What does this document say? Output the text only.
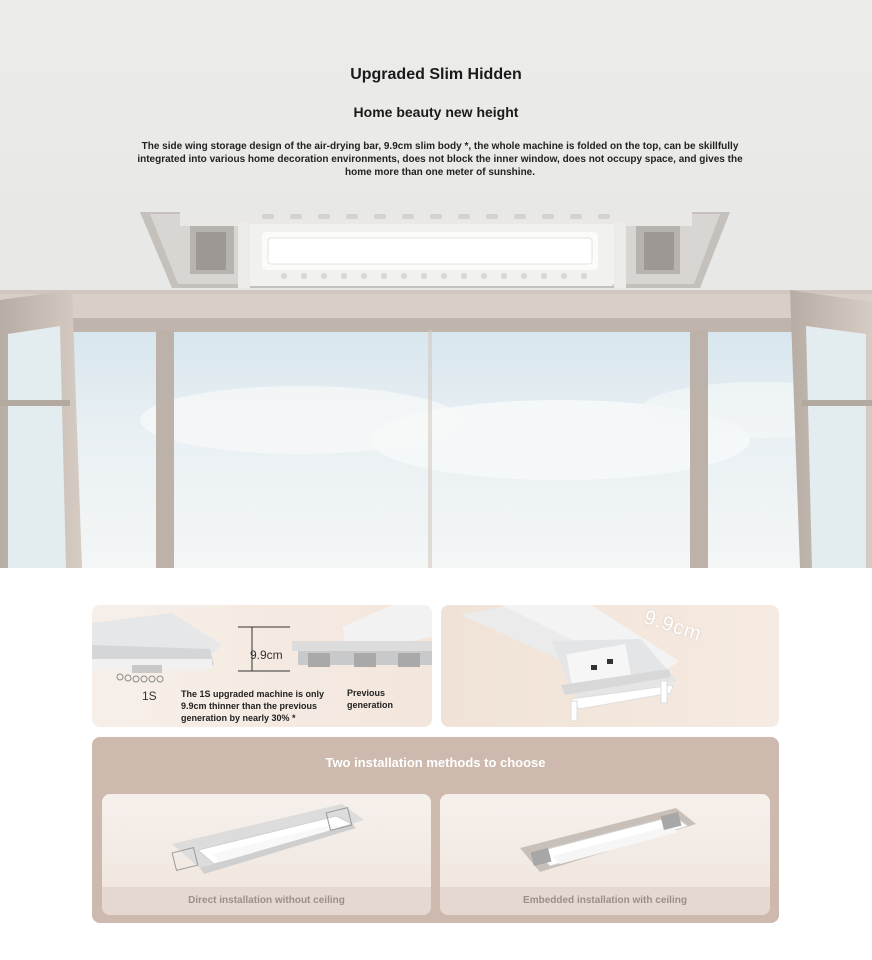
Upgraded Slim Hidden
Home beauty new height
The side wing storage design of the air-drying bar, 9.9cm slim body *, the whole machine is folded on the top, can be skillfully integrated into various home decoration environments, does not block the inner window, does not occupy space, and gives the home more than one meter of sunshine.
9.9cm
1S	The 1S upgraded machine is only 9.9cm thinner than the previous generation by nearly 30% *
Previous generation
9.9cm
Two installation methods to choose
Direct installation without ceiling	Embedded installation with ceiling
